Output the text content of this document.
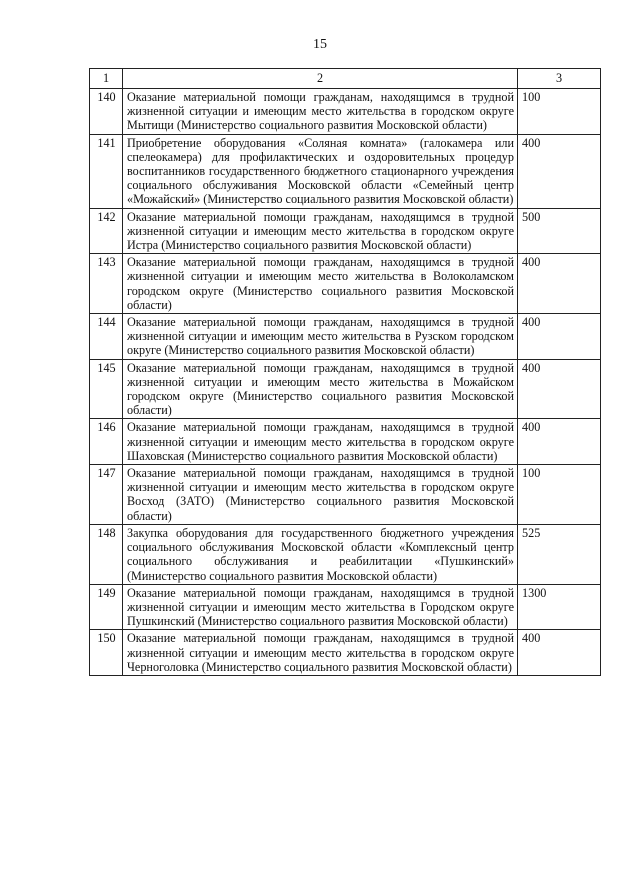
15
1	2	3
140	Оказание материальной помощи гражданам, находящимся в трудной жизненной ситуации и имеющим место жительства в городском округе Мытищи (Министерство социального развития Московской области)	100
141	Приобретение оборудования «Соляная комната» (галокамера или спелеокамера) для профилактических и оздоровительных процедур воспитанников государственного бюджетного стационарного учреждения социального обслуживания Московской области «Семейный центр «Можайский» (Министерство социального развития Московской области)	400
142	Оказание материальной помощи гражданам, находящимся в трудной жизненной ситуации и имеющим место жительства в городском округе Истра (Министерство социального развития Московской области)	500
143	Оказание материальной помощи гражданам, находящимся в трудной жизненной ситуации и имеющим место жительства в Волоколамском городском округе (Министерство социального развития Московской области)	400
144	Оказание материальной помощи гражданам, находящимся в трудной жизненной ситуации и имеющим место жительства в Рузском городском округе (Министерство социального развития Московской области)	400
145	Оказание материальной помощи гражданам, находящимся в трудной жизненной ситуации и имеющим место жительства в Можайском городском округе (Министерство социального развития Московской области)	400
146	Оказание материальной помощи гражданам, находящимся в трудной жизненной ситуации и имеющим место жительства в городском округе Шаховская (Министерство социального развития Московской области)	400
147	Оказание материальной помощи гражданам, находящимся в трудной жизненной ситуации и имеющим место жительства в городском округе Восход (ЗАТО) (Министерство социального развития Московской области)	100
148	Закупка оборудования для государственного бюджетного учреждения социального обслуживания Московской области «Комплексный центр социального обслуживания и реабилитации «Пушкинский» (Министерство социального развития Московской области)	525
149	Оказание материальной помощи гражданам, находящимся в трудной жизненной ситуации и имеющим место жительства в Городском округе Пушкинский (Министерство социального развития Московской области)	1300
150	Оказание материальной помощи гражданам, находящимся в трудной жизненной ситуации и имеющим место жительства в городском округе Черноголовка (Министерство социального развития Московской области)	400
